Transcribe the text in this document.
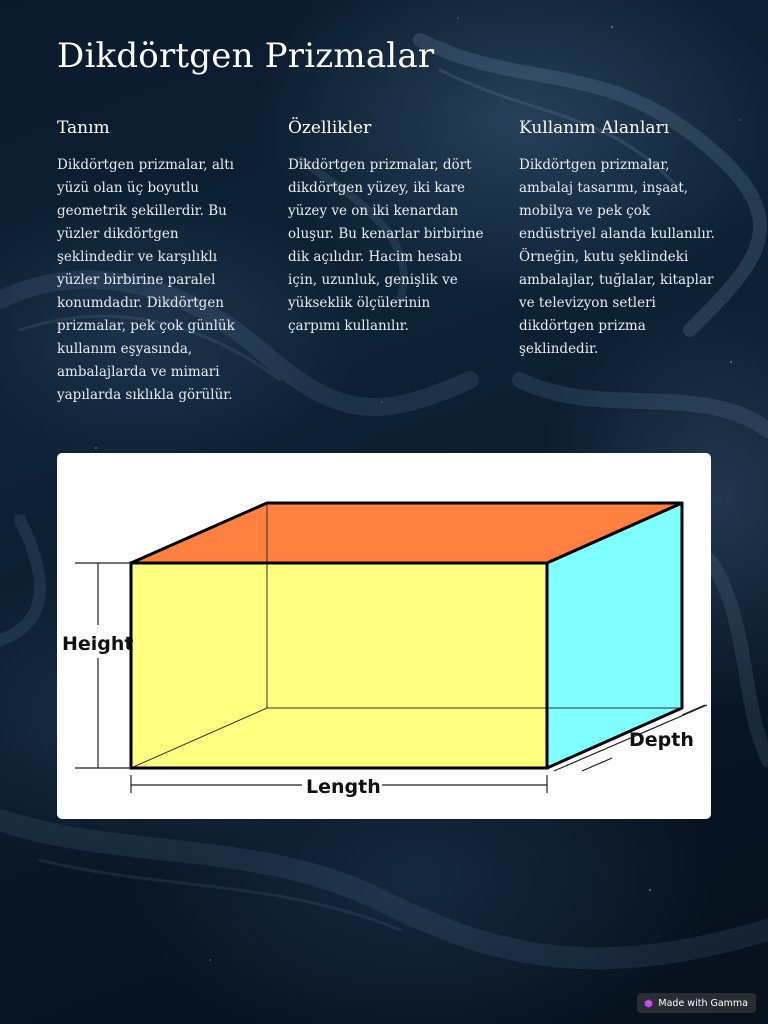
Dikdörtgen Prizmalar
Tanım

Dikdörtgen prizmalar, altı yüzü olan üç boyutlu geometrik şekillerdir. Bu yüzler dikdörtgen şeklindedir ve karşılıklı yüzler birbirine paralel konumdadır. Dikdörtgen prizmalar, pek çok günlük kullanım eşyasında, ambalajlarda ve mimari yapılarda sıklıkla görülür.

Özellikler

Dikdörtgen prizmalar, dört dikdörtgen yüzey, iki kare yüzey ve on iki kenardan oluşur. Bu kenarlar birbirine dik açılıdır. Hacim hesabı için, uzunluk, genişlik ve yükseklik ölçülerinin çarpımı kullanılır.

Kullanım Alanları

Dikdörtgen prizmalar, ambalaj tasarımı, inşaat, mobilya ve pek çok endüstriyel alanda kullanılır. Örneğin, kutu şeklindeki ambalajlar, tuğlalar, kitaplar ve televizyon setleri dikdörtgen prizma şeklindedir.

Height
Length
Depth
Made with Gamma
